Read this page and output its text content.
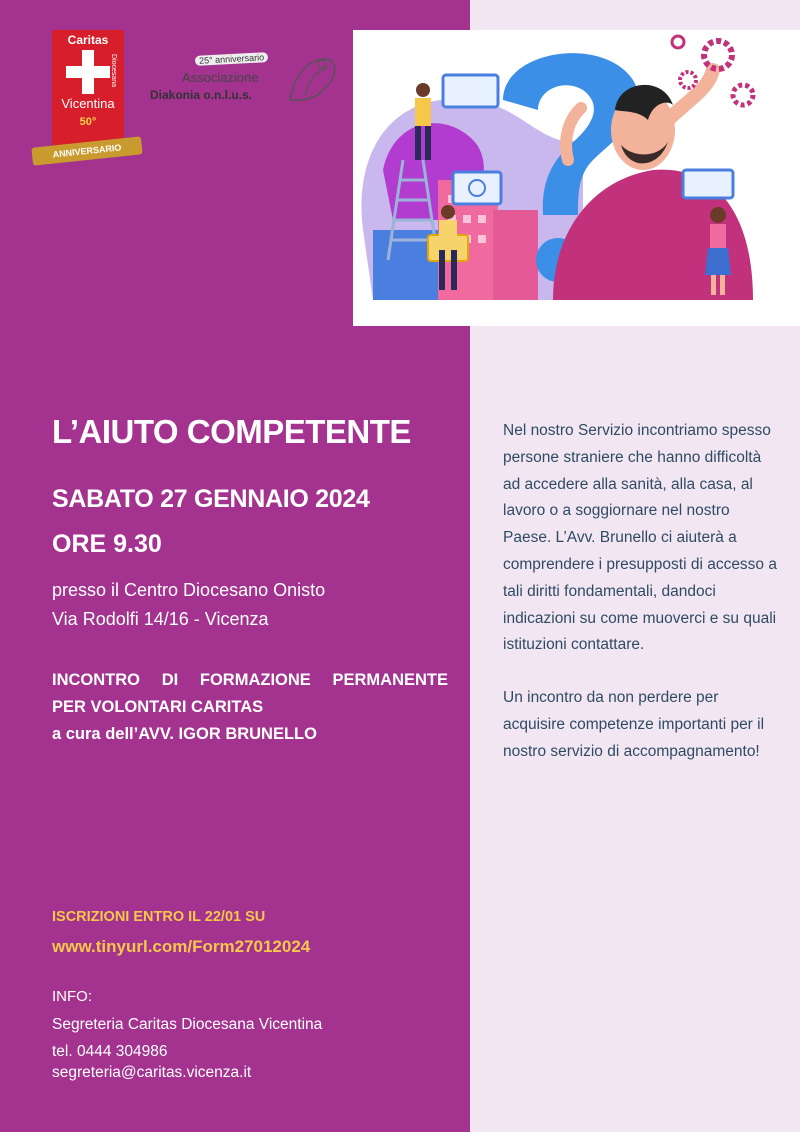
Caritas
Diocesana
Vicentina
50°
ANNIVERSARIO
25° anniversario
Associazione
Diakonia o.n.l.u.s.
L’AIUTO COMPETENTE
SABATO 27 GENNAIO 2024
ORE 9.30
presso il Centro Diocesano Onisto
Via Rodolfi 14/16 - Vicenza
INCONTRO DI FORMAZIONE PERMANENTE
PER VOLONTARI CARITAS
a cura dell’AVV. IGOR BRUNELLO
ISCRIZIONI ENTRO IL 22/01 SU
www.tinyurl.com/Form27012024
INFO:
Segreteria Caritas Diocesana Vicentina
tel. 0444 304986
segreteria@caritas.vicenza.it

Nel nostro Servizio incontriamo spesso persone straniere che hanno difficoltà ad accedere alla sanità, alla casa, al lavoro o a soggiornare nel nostro Paese. L’Avv. Brunello ci aiuterà a comprendere i presupposti di accesso a tali diritti fondamentali, dandoci indicazioni su come muoverci e su quali istituzioni contattare.

Un incontro da non perdere per acquisire competenze importanti per il nostro servizio di accompagnamento!
